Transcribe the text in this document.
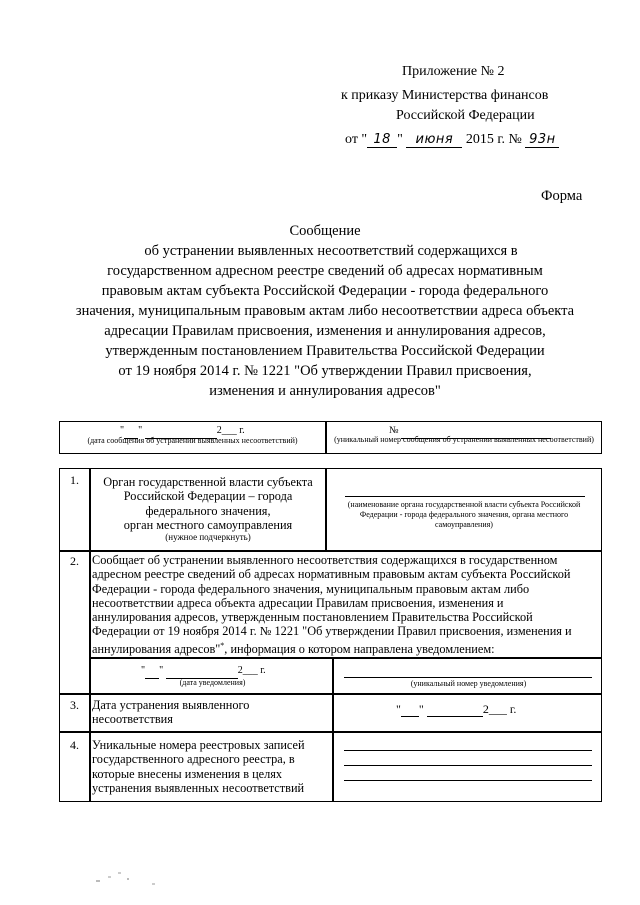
Приложение № 2
к приказу Министерства финансов
Российской Федерации
от " 18 " июня 2015 г. № 93н
Форма
Сообщение
об устранении выявленных несоответствий содержащихся в
государственном адресном реестре сведений об адресах нормативным
правовым актам субъекта Российской Федерации - города федерального
значения, муниципальным правовым актам либо несоответствии адреса объекта
адресации Правилам присвоения, изменения и аннулирования адресов,
утвержденным постановлением Правительства Российской Федерации
от 19 ноября 2014 г. № 1221 "Об утверждении Правил присвоения,
изменения и аннулирования адресов"
" "	2___ г.
(дата сообщения об устранении выявленных несоответствий)
№
(уникальный номер сообщения об устранении выявленных несоответствий)
1.	Орган государственной власти субъекта
Российской Федерации – города
федерального значения,
орган местного самоуправления
(нужное подчеркнуть)
(наименование органа государственной власти субъекта Российской Федерации - города федерального значения, органа местного самоуправления)
2.	Сообщает об устранении выявленного несоответствия содержащихся в государственном
адресном реестре сведений об адресах нормативным правовым актам субъекта Российской
Федерации - города федерального значения, муниципальным правовым актам либо
несоответствии адреса объекта адресации Правилам присвоения, изменения и
аннулирования адресов, утвержденным постановлением Правительства Российской
Федерации от 19 ноября 2014 г. № 1221 "Об утверждении Правил присвоения, изменения и
аннулирования адресов"*, информация о котором направлена уведомлением:
" "	2___ г.
(дата уведомления)	(уникальный номер уведомления)
3.	Дата устранения выявленного
несоответствия
" "	2___ г.
4.	Уникальные номера реестровых записей
государственного адресного реестра, в
которые внесены изменения в целях
устранения выявленных несоответствий
